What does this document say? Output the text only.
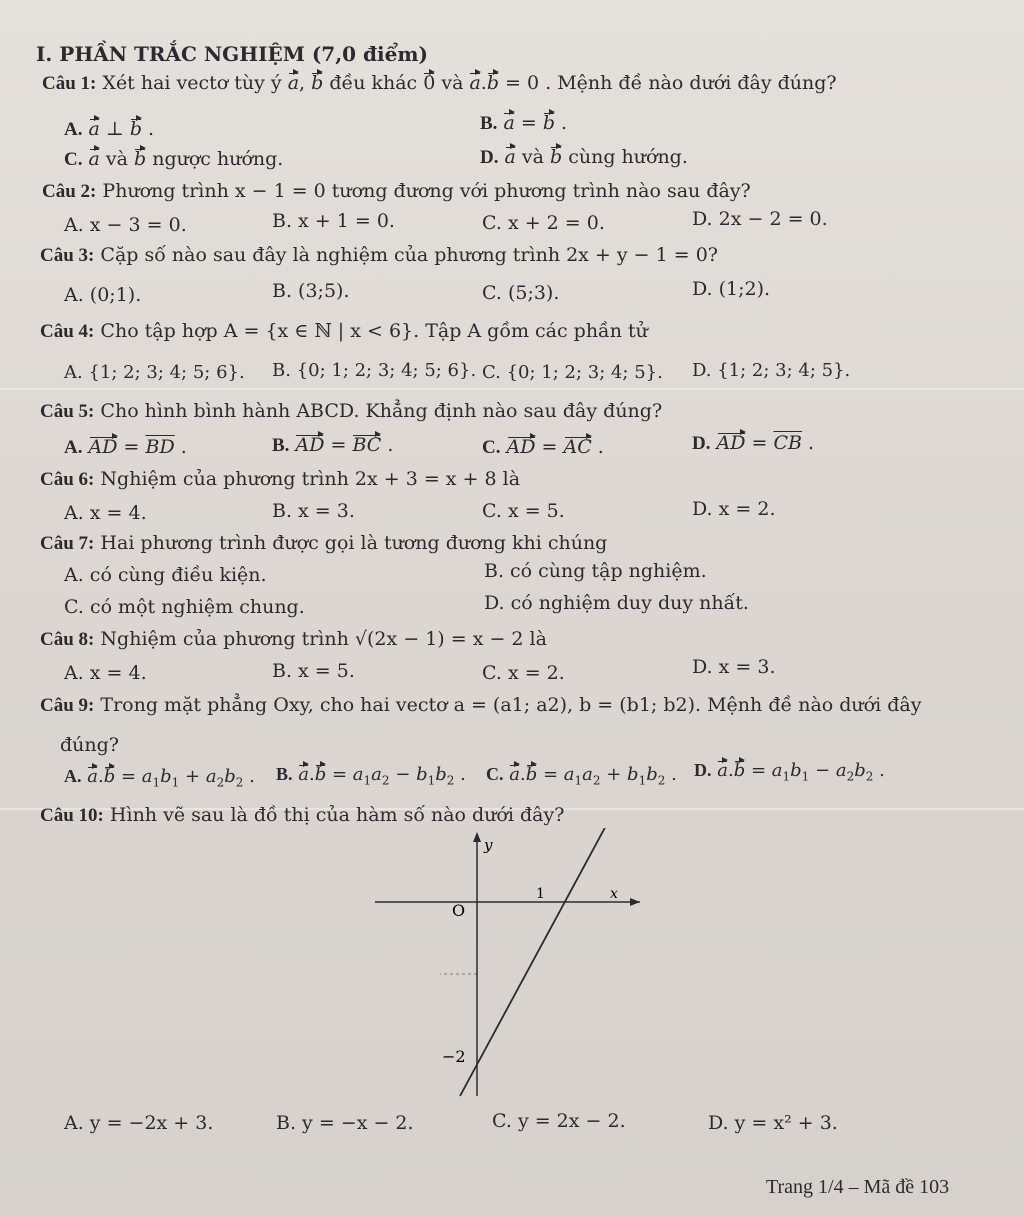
I. PHẦN TRẮC NGHIỆM (7,0 điểm)
Câu 1: Xét hai vectơ tùy ý a, b đều khác 0 và a.b = 0 . Mệnh đề nào dưới đây đúng?
A. a ⊥ b .	B. a = b .
C. a và b ngược hướng.	D. a và b cùng hướng.
Câu 2: Phương trình x − 1 = 0 tương đương với phương trình nào sau đây?
A. x − 3 = 0.	B. x + 1 = 0.	C. x + 2 = 0.	D. 2x − 2 = 0.
Câu 3: Cặp số nào sau đây là nghiệm của phương trình 2x + y − 1 = 0?
A. (0;1).	B. (3;5).	C. (5;3).	D. (1;2).
Câu 4: Cho tập hợp A = {x ∈ ℕ | x < 6}. Tập A gồm các phần tử
A. {1; 2; 3; 4; 5; 6}. B. {0; 1; 2; 3; 4; 5; 6}. C. {0; 1; 2; 3; 4; 5}. D. {1; 2; 3; 4; 5}.
Câu 5: Cho hình bình hành ABCD. Khẳng định nào sau đây đúng?
A. AD = $\overline{BD}$ .	B. AD = BC .	C. AD = AC .	D. AD = $\overline{CB}$ .
Câu 6: Nghiệm của phương trình 2x + 3 = x + 8 là
A. x = 4.	B. x = 3.	C. x = 5.	D. x = 2.
Câu 7: Hai phương trình được gọi là tương đương khi chúng
A. có cùng điều kiện.	B. có cùng tập nghiệm.
C. có một nghiệm chung.	D. có nghiệm duy duy nhất.
Câu 8: Nghiệm của phương trình √(2x − 1) = x − 2 là
A. x = 4.	B. x = 5.	C. x = 2.	D. x = 3.
Câu 9: Trong mặt phẳng Oxy, cho hai vectơ a = (a1; a2), b = (b1; b2). Mệnh đề nào dưới đây
đúng?
A. $a.b = a_1b_1 + a_2b_2$ . B. $a.b = a_1a_2 - b_1b_2$ . C. $a.b = a_1a_2 + b_1b_2$ . D. $a.b = a_1b_1 - a_2b_2$ .
Câu 10: Hình vẽ sau là đồ thị của hàm số nào dưới đây?
y
x
O
1
−2
A. y = −2x + 3.	B. y = −x − 2.	C. y = 2x − 2.	D. y = x² + 3.
Trang 1/4 – Mã đề 103
